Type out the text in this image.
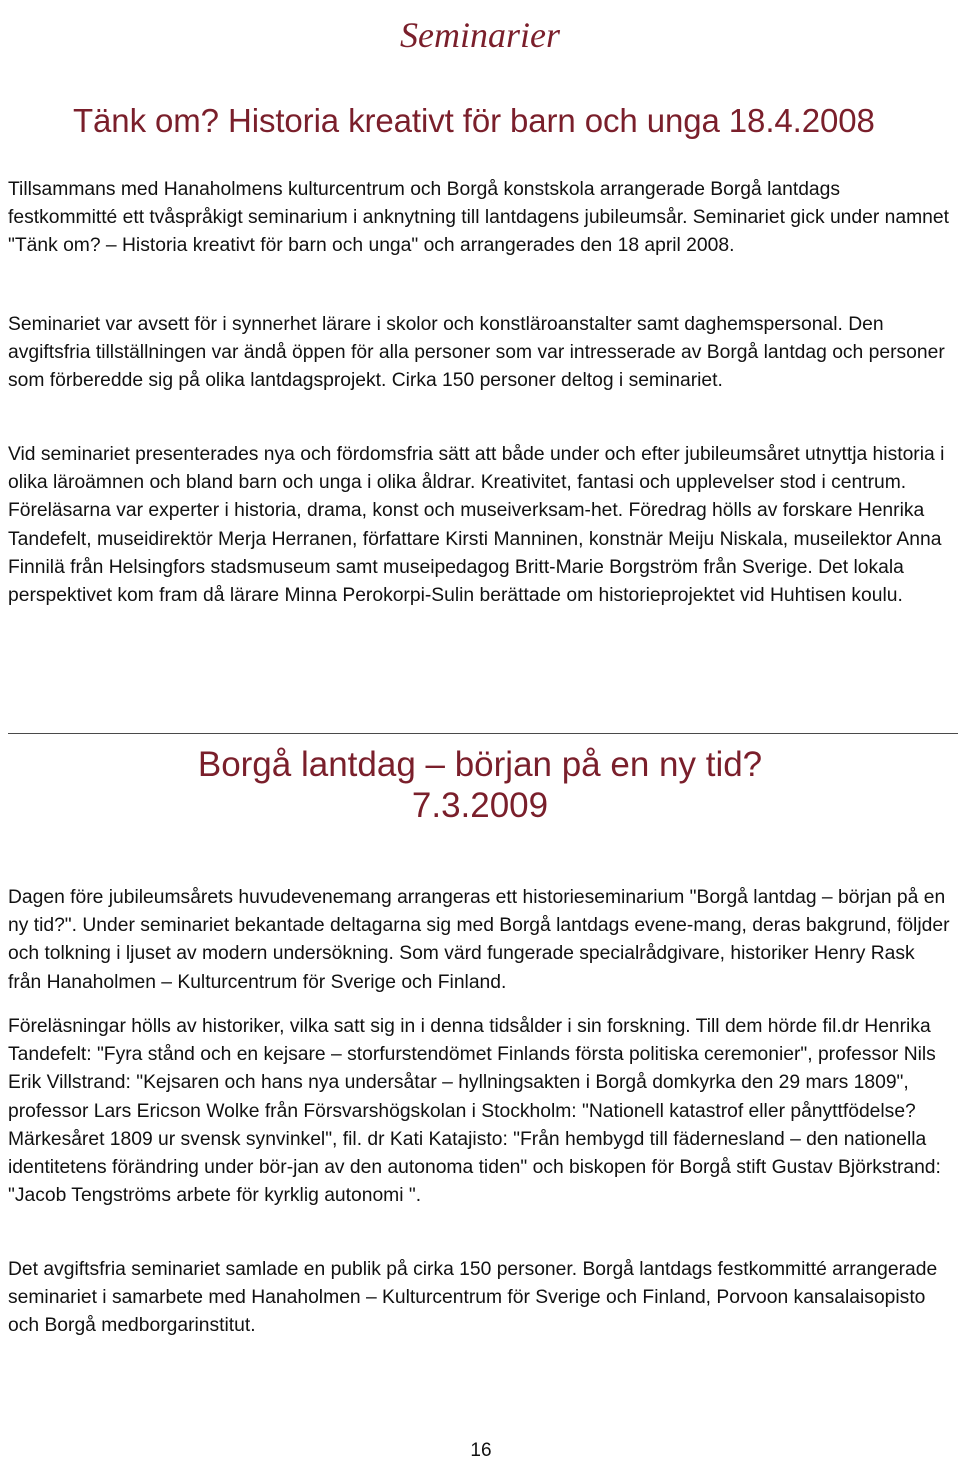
Seminarier
Tänk om? Historia kreativt för barn och unga 18.4.2008

Tillsammans med Hanaholmens kulturcentrum och Borgå konstskola arrangerade Borgå lantdags festkommitté ett tvåspråkigt seminarium i anknytning till lantdagens jubileumsår. Seminariet gick under namnet "Tänk om? – Historia kreativt för barn och unga" och arrangerades den 18 april 2008.

Seminariet var avsett för i synnerhet lärare i skolor och konstläroanstalter samt daghemspersonal. Den avgiftsfria tillställningen var ändå öppen för alla personer som var intresserade av Borgå lantdag och personer som förberedde sig på olika lantdagsprojekt. Cirka 150 personer deltog i seminariet.

Vid seminariet presenterades nya och fördomsfria sätt att både under och efter jubileumsåret utnyttja historia i olika läroämnen och bland barn och unga i olika åldrar. Kreativitet, fantasi och upplevelser stod i centrum. Föreläsarna var experter i historia, drama, konst och museiverksam-het. Föredrag hölls av forskare Henrika Tandefelt, museidirektör Merja Herranen, författare Kirsti Manninen, konstnär Meiju Niskala, museilektor Anna Finnilä från Helsingfors stadsmuseum samt museipedagog Britt-Marie Borgström från Sverige. Det lokala perspektivet kom fram då lärare Minna Perokorpi-Sulin berättade om historieprojektet vid Huhtisen koulu.

Borgå lantdag – början på en ny tid?
7.3.2009

Dagen före jubileumsårets huvudevenemang arrangeras ett historieseminarium "Borgå lantdag – början på en ny tid?". Under seminariet bekantade deltagarna sig med Borgå lantdags evene-mang, deras bakgrund, följder och tolkning i ljuset av modern undersökning. Som värd fungerade specialrådgivare, historiker Henry Rask från Hanaholmen – Kulturcentrum för Sverige och Finland.

Föreläsningar hölls av historiker, vilka satt sig in i denna tidsålder i sin forskning. Till dem hörde fil.dr Henrika Tandefelt: "Fyra stånd och en kejsare – storfurstendömet Finlands första politiska ceremonier", professor Nils Erik Villstrand: "Kejsaren och hans nya undersåtar – hyllningsakten i Borgå domkyrka den 29 mars 1809", professor Lars Ericson Wolke från Försvarshögskolan i Stockholm: "Nationell katastrof eller pånyttfödelse? Märkesåret 1809 ur svensk synvinkel", fil. dr Kati Katajisto: "Från hembygd till fädernesland – den nationella identitetens förändring under bör-jan av den autonoma tiden" och biskopen för Borgå stift Gustav Björkstrand: "Jacob Tengströms arbete för kyrklig autonomi ".

Det avgiftsfria seminariet samlade en publik på cirka 150 personer. Borgå lantdags festkommitté arrangerade seminariet i samarbete med Hanaholmen – Kulturcentrum för Sverige och Finland, Porvoon kansalaisopisto och Borgå medborgarinstitut.

16
